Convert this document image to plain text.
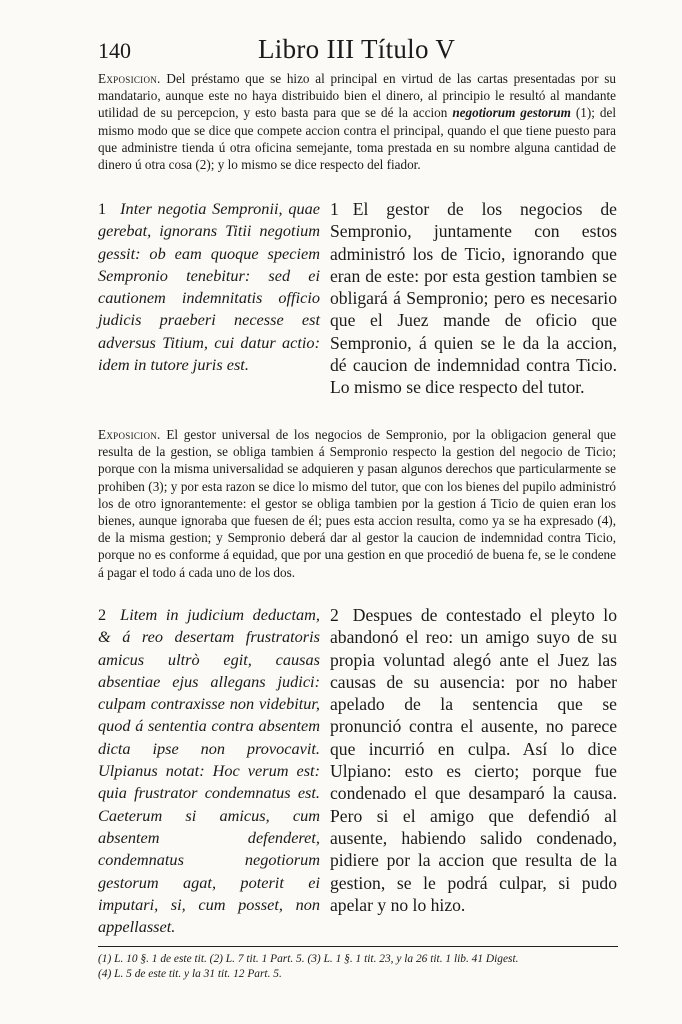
140	Libro III Título V
Exposicion. Del préstamo que se hizo al principal en virtud de las cartas presentadas por su mandatario, aunque este no haya distribuido bien el dinero, al principio le resultó al mandante utilidad de su percepcion, y esto basta para que se dé la accion negotiorum gestorum (1); del mismo modo que se dice que compete accion contra el principal, quando el que tiene puesto para que administre tienda ú otra oficina semejante, toma prestada en su nombre alguna cantidad de dinero ú otra cosa (2); y lo mismo se dice respecto del fiador.
1 Inter negotia Sempronii, quae gerebat, ignorans Titii negotium gessit: ob eam quoque speciem Sempronio tenebitur: sed ei cautionem indemnitatis officio judicis praeberi necesse est adversus Titium, cui datur actio: idem in tutore juris est.
1 El gestor de los negocios de Sempronio, juntamente con estos administró los de Ticio, ignorando que eran de este: por esta gestion tambien se obligará á Sempronio; pero es necesario que el Juez mande de oficio que Sempronio, á quien se le da la accion, dé caucion de indemnidad contra Ticio. Lo mismo se dice respecto del tutor.
Exposicion. El gestor universal de los negocios de Sempronio, por la obligacion general que resulta de la gestion, se obliga tambien á Sempronio respecto la gestion del negocio de Ticio; porque con la misma universalidad se adquieren y pasan algunos derechos que particularmente se prohiben (3); y por esta razon se dice lo mismo del tutor, que con los bienes del pupilo administró los de otro ignorantemente: el gestor se obliga tambien por la gestion á Ticio de quien eran los bienes, aunque ignoraba que fuesen de él; pues esta accion resulta, como ya se ha expresado (4), de la misma gestion; y Sempronio deberá dar al gestor la caucion de indemnidad contra Ticio, porque no es conforme á equidad, que por una gestion en que procedió de buena fe, se le condene á pagar el todo á cada uno de los dos.
2 Litem in judicium deductam, & á reo desertam frustratoris amicus ultrò egit, causas absentiae ejus allegans judici: culpam contraxisse non videbitur, quod á sententia contra absentem dicta ipse non provocavit. Ulpianus notat: Hoc verum est: quia frustrator condemnatus est. Caeterum si amicus, cum absentem defenderet, condemnatus negotiorum gestorum agat, poterit ei imputari, si, cum posset, non appellasset.
2 Despues de contestado el pleyto lo abandonó el reo: un amigo suyo de su propia voluntad alegó ante el Juez las causas de su ausencia: por no haber apelado de la sentencia que se pronunció contra el ausente, no parece que incurrió en culpa. Así lo dice Ulpiano: esto es cierto; porque fue condenado el que desamparó la causa. Pero si el amigo que defendió al ausente, habiendo salido condenado, pidiere por la accion que resulta de la gestion, se le podrá culpar, si pudo apelar y no lo hizo.
(1) L. 10 §. 1 de este tit. (2) L. 7 tit. 1 Part. 5. (3) L. 1 §. 1 tit. 23, y la 26 tit. 1 lib. 41 Digest.
(4) L. 5 de este tit. y la 31 tit. 12 Part. 5.
